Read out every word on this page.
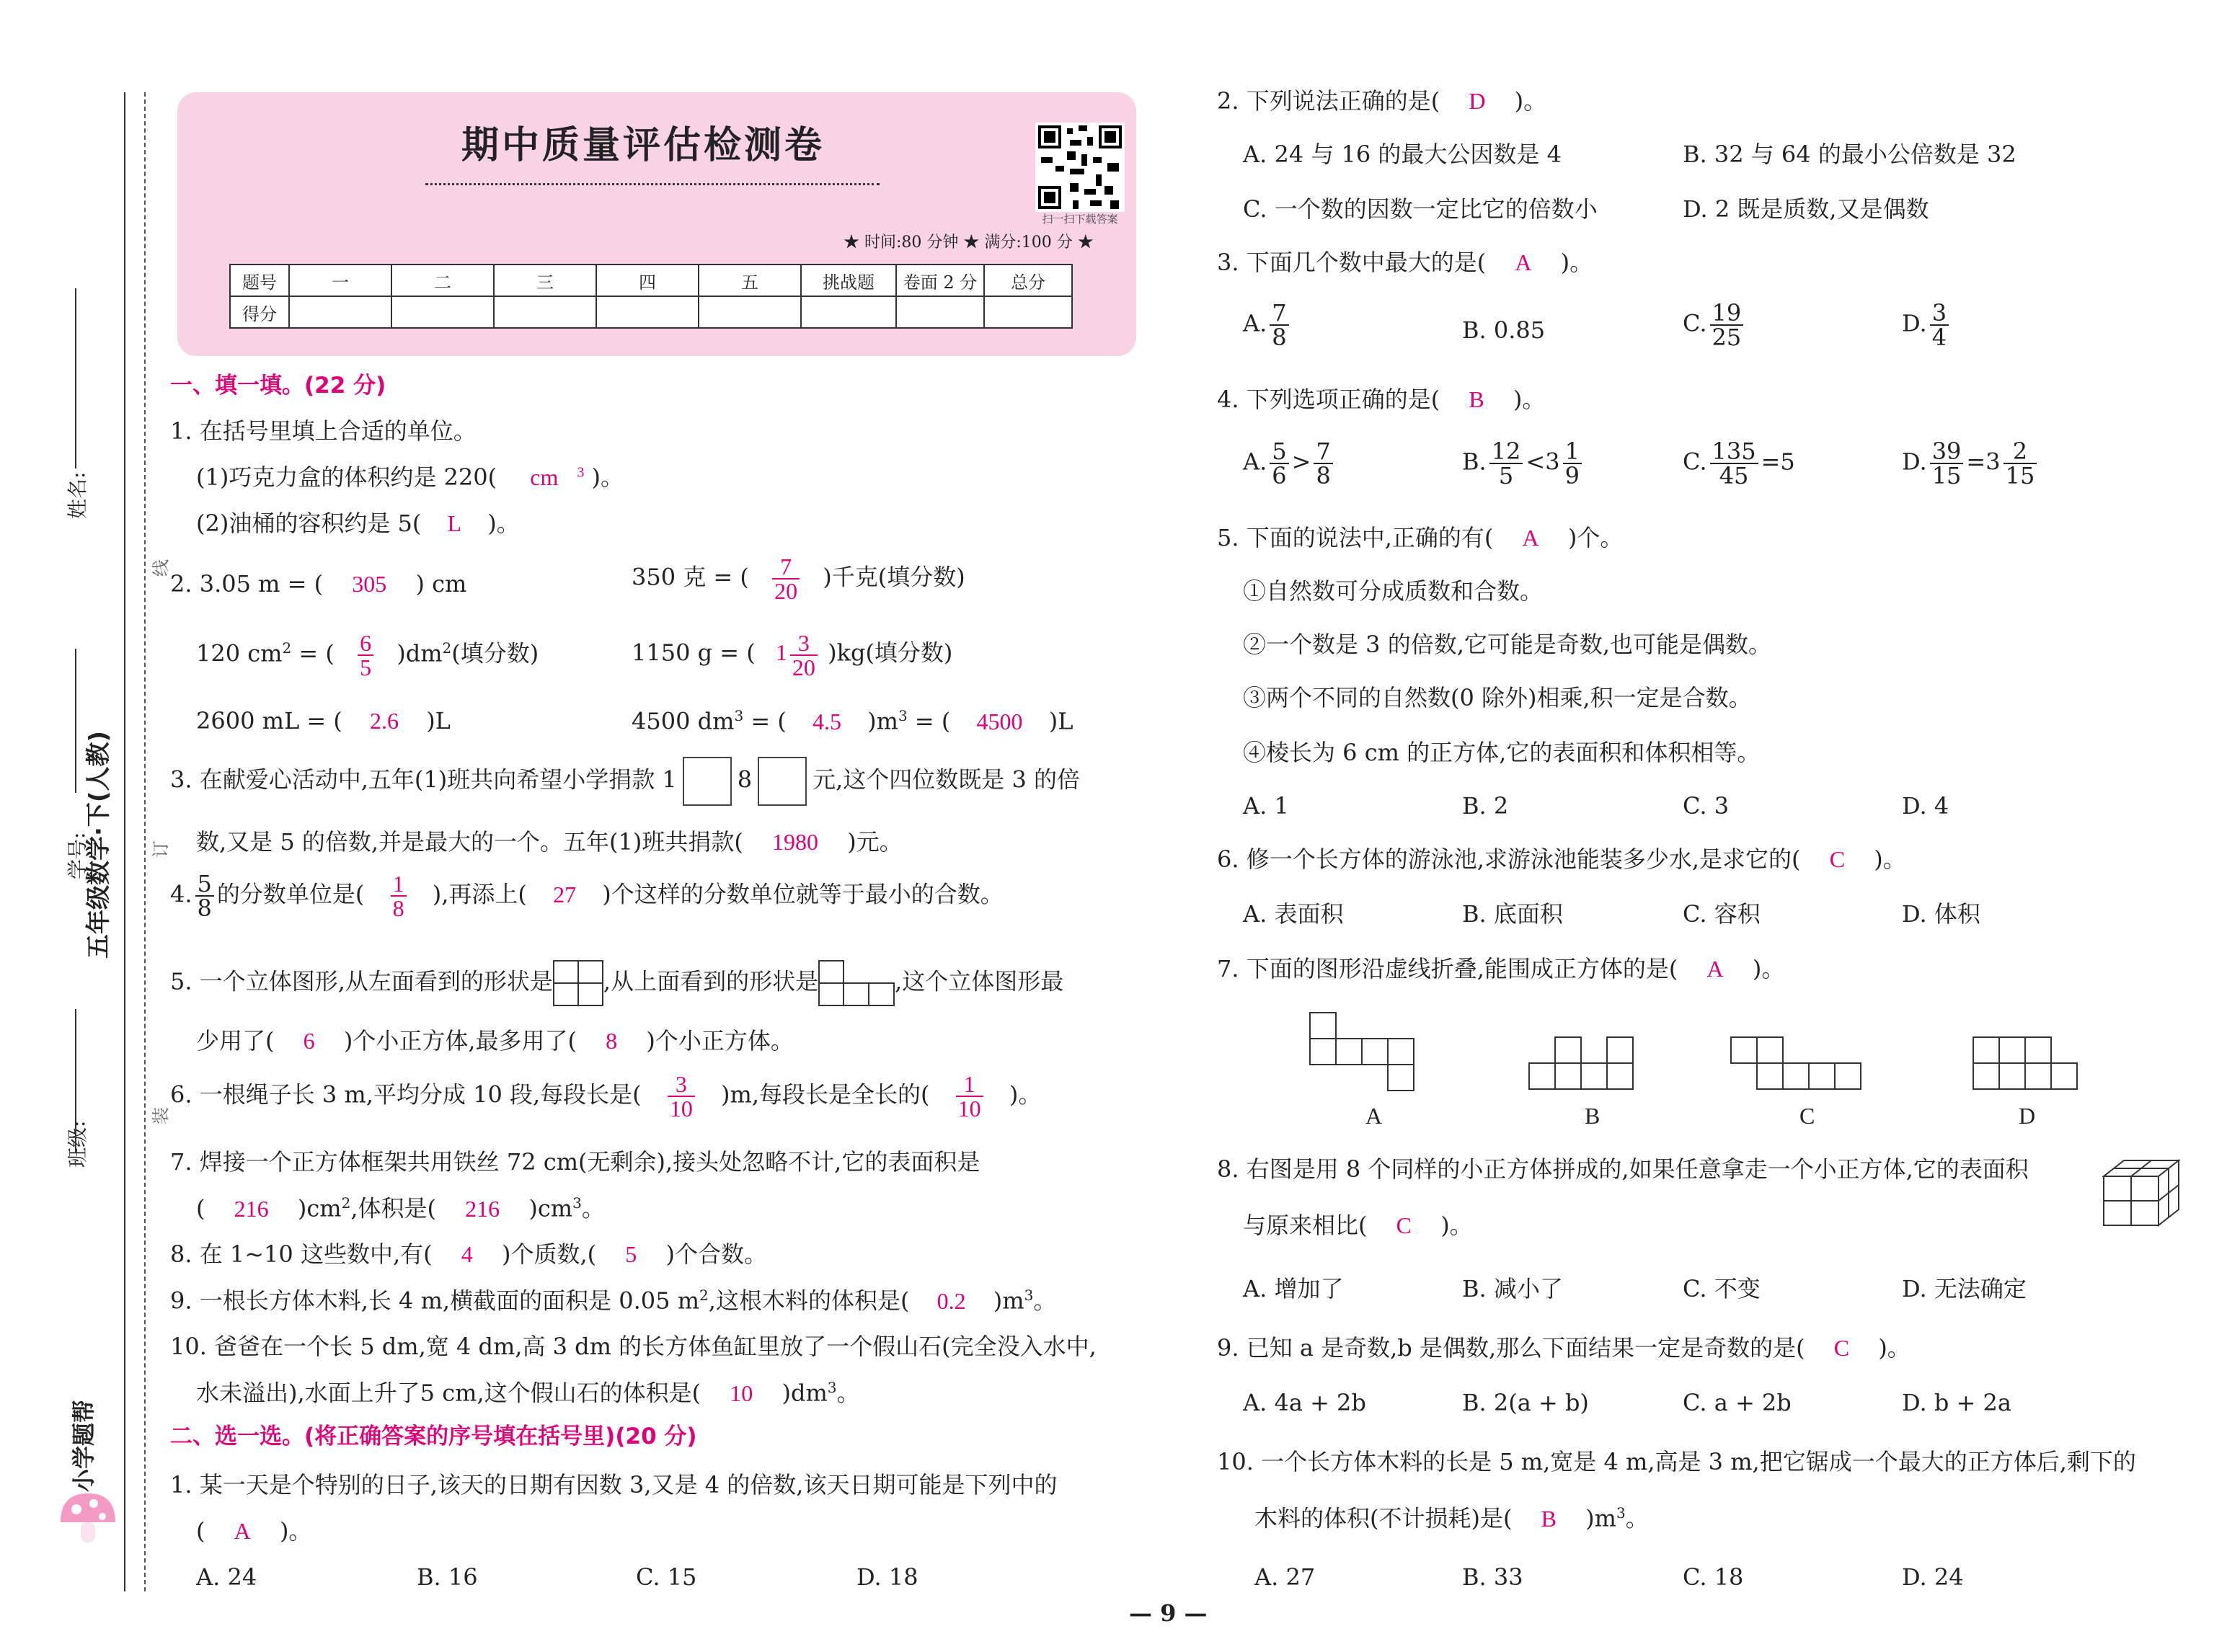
姓名:
学号:
班级:
五年级数学·下(人教)
线
订
装
小学题帮
期中质量评估检测卷
扫一扫下载答案
★ 时间:80 分钟 ★ 满分:100 分 ★
题号	一	二	三	四	五	挑战题	卷面 2 分	总分
得分								
一、填一填。(22 分)
1. 在括号里填上合适的单位。
(1)巧克力盒的体积约是 220( cm $^3$ )。
(2)油桶的容积约是 5( L )。
2. 3.05 m = ( 305 ) cm	350 克 = ( $\frac{7}{20}$ )千克(填分数)
120 $cm^2$ = ( $\frac{6}{5} )dm^2$(填分数)	1150 g = ( $1 \frac{3}{20} )kg$(填分数)
2600 mL = ( 2.6 )L	4500 $dm^3$ = ( 4.5 )$m^3$ = ( 4500 )L
3. 在献爱心活动中,五年(1)班共向希望小学捐款 1	8	元,这个四位数既是 3 的倍
数,又是 5 的倍数,并是最大的一个。五年(1)班共捐款( 1980 )元。
4. $\frac{5}{8}$ 的分数单位是( $\frac{1}{8}$ ),再添上( 27 )个这样的分数单位就等于最小的合数。
5. 一个立体图形,从左面看到的形状是 ,从上面看到的形状是	,这个立体图形最
少用了( 6 )个小正方体,最多用了( 8 )个小正方体。
6. 一根绳子长 3 m,平均分成 10 段,每段长是( $\frac{3}{10} )m$,每段长是全长的( $\frac{1}{10}$ )。
7. 焊接一个正方体框架共用铁丝 72 cm(无剩余),接头处忽略不计,它的表面积是
( 216 )$cm^2$,体积是( 216 )$cm^3$。
8. 在 1~10 这些数中,有( 4 )个质数,( 5 )个合数。
9. 一根长方体木料,长 4 m,横截面的面积是 0.05 $m^2$,这根木料的体积是( 0.2 )$m^3$。
10. 爸爸在一个长 5 dm,宽 4 dm,高 3 dm 的长方体鱼缸里放了一个假山石(完全没入水中,
水未溢出),水面上升了5 cm,这个假山石的体积是( 10 )$dm^3$。
二、选一选。(将正确答案的序号填在括号里)(20 分)
1. 某一天是个特别的日子,该天的日期有因数 3,又是 4 的倍数,该天日期可能是下列中的
( A )。
A. 24	B. 16	C. 15	D. 18
2. 下列说法正确的是( D )。
A. 24 与 16 的最大公因数是 4	B. 32 与 64 的最小公倍数是 32
C. 一个数的因数一定比它的倍数小	D. 2 既是质数,又是偶数
3. 下面几个数中最大的是( A )。
A. $\frac{7}{8}$	B. 0.85	C. $\frac{19}{25}$	D. $\frac{3}{4}$
4. 下列选项正确的是( B )。
A. $\frac{5}{6} > \frac{7}{8}$	B. $\frac{12}{5} <3 \frac{1}{9}$	C. $\frac{135}{45} =5$	D. $\frac{39}{15} =3 \frac{2}{15}$
5. 下面的说法中,正确的有( A )个。
①自然数可分成质数和合数。
②一个数是 3 的倍数,它可能是奇数,也可能是偶数。
③两个不同的自然数(0 除外)相乘,积一定是合数。
④棱长为 6 cm 的正方体,它的表面积和体积相等。
A. 1	B. 2	C. 3	D. 4
6. 修一个长方体的游泳池,求游泳池能装多少水,是求它的( C )。
A. 表面积	B. 底面积	C. 容积	D. 体积
7. 下面的图形沿虚线折叠,能围成正方体的是( A )。
A	B	C	D
8. 右图是用 8 个同样的小正方体拼成的,如果任意拿走一个小正方体,它的表面积
与原来相比( C )。
A. 增加了	B. 减小了	C. 不变	D. 无法确定
9. 已知 a 是奇数,b 是偶数,那么下面结果一定是奇数的是( C )。
A. 4a + 2b	B. 2(a + b)	C. a + 2b	D. b + 2a
10. 一个长方体木料的长是 5 m,宽是 4 m,高是 3 m,把它锯成一个最大的正方体后,剩下的
木料的体积(不计损耗)是( B )$m^3$。
A. 27	B. 33	C. 18	D. 24
— 9 —
